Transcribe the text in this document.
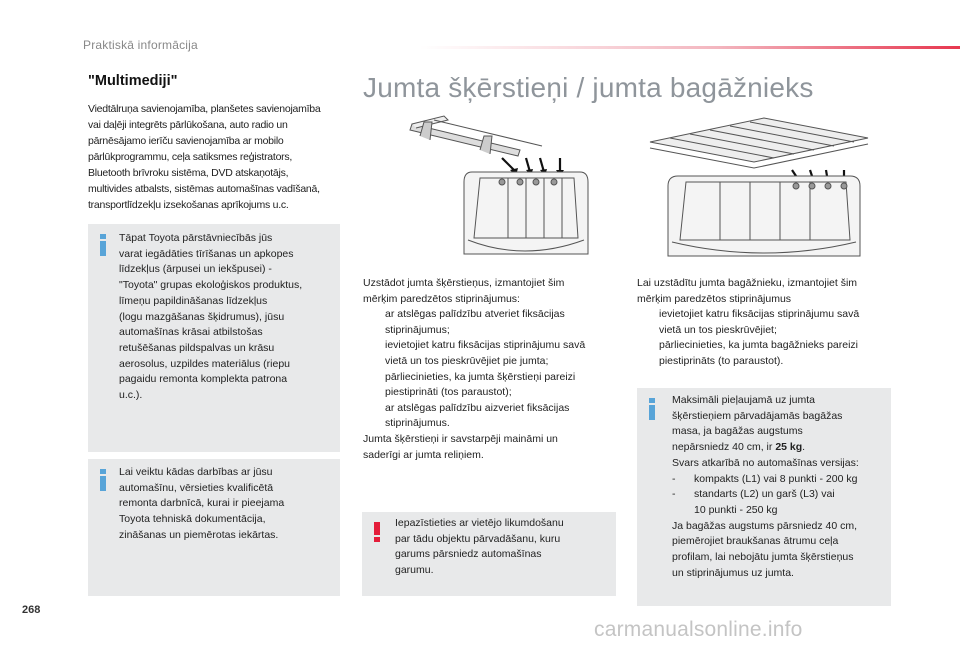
Praktiskā informācija
"Multimediji"
Viedtālruņa savienojamība, planšetes savienojamība
vai daļēji integrēts pārlūkošana, auto radio un
pārnēsājamo ierīču savienojamība ar mobilo
pārlūkprogrammu, ceļa satiksmes reģistrators,
Bluetooth brīvroku sistēma, DVD atskaņotājs,
multivides atbalsts, sistēmas automašīnas vadīšanā,
transportlīdzekļu izsekošanas aprīkojums u.c.
Tāpat Toyota pārstāvniecībās jūs
varat iegādāties tīrīšanas un apkopes
līdzekļus (ārpusei un iekšpusei) -
"Toyota" grupas ekoloģiskos produktus,
līmeņu papildināšanas līdzekļus
(logu mazgāšanas šķidrumus), jūsu
automašīnas krāsai atbilstošas
retušēšanas pildspalvas un krāsu
aerosolus, uzpildes materiālus (riepu
pagaidu remonta komplekta patrona
u.c.).
Lai veiktu kādas darbības ar jūsu
automašīnu, vērsieties kvalificētā
remonta darbnīcā, kurai ir pieejama
Toyota tehniskā dokumentācija,
zināšanas un piemērotas iekārtas.
Jumta šķērstieņi / jumta bagāžnieks
Uzstādot jumta šķērstieņus, izmantojiet šim
mērķim paredzētos stiprinājumus:
ar atslēgas palīdzību atveriet fiksācijas
stiprinājumus;
ievietojiet katru fiksācijas stiprinājumu savā
vietā un tos pieskrūvējiet pie jumta;
pārliecinieties, ka jumta šķērstieņi pareizi
piestiprināti (tos paraustot);
ar atslēgas palīdzību aizveriet fiksācijas
stiprinājumus.
Jumta šķērstieņi ir savstarpēji maināmi un
saderīgi ar jumta reliņiem.
Iepazīstieties ar vietējo likumdošanu
par tādu objektu pārvadāšanu, kuru
garums pārsniedz automašīnas
garumu.
Lai uzstādītu jumta bagāžnieku, izmantojiet šim
mērķim paredzētos stiprinājumus
ievietojiet katru fiksācijas stiprinājumu savā
vietā un tos pieskrūvējiet;
pārliecinieties, ka jumta bagāžnieks pareizi
piestiprināts (to paraustot).
Maksimāli pieļaujamā uz jumta
šķērstieņiem pārvadājamās bagāžas
masa, ja bagāžas augstums
nepārsniedz 40 cm, ir 25 kg.
Svars atkarībā no automašīnas versijas:
- kompakts (L1) vai 8 punkti - 200 kg
- standarts (L2) un garš (L3) vai
10 punkti - 250 kg
Ja bagāžas augstums pārsniedz 40 cm,
piemērojiet braukšanas ātrumu ceļa
profilam, lai nebojātu jumta šķērstieņus
un stiprinājumus uz jumta.
268
carmanualsonline.info
